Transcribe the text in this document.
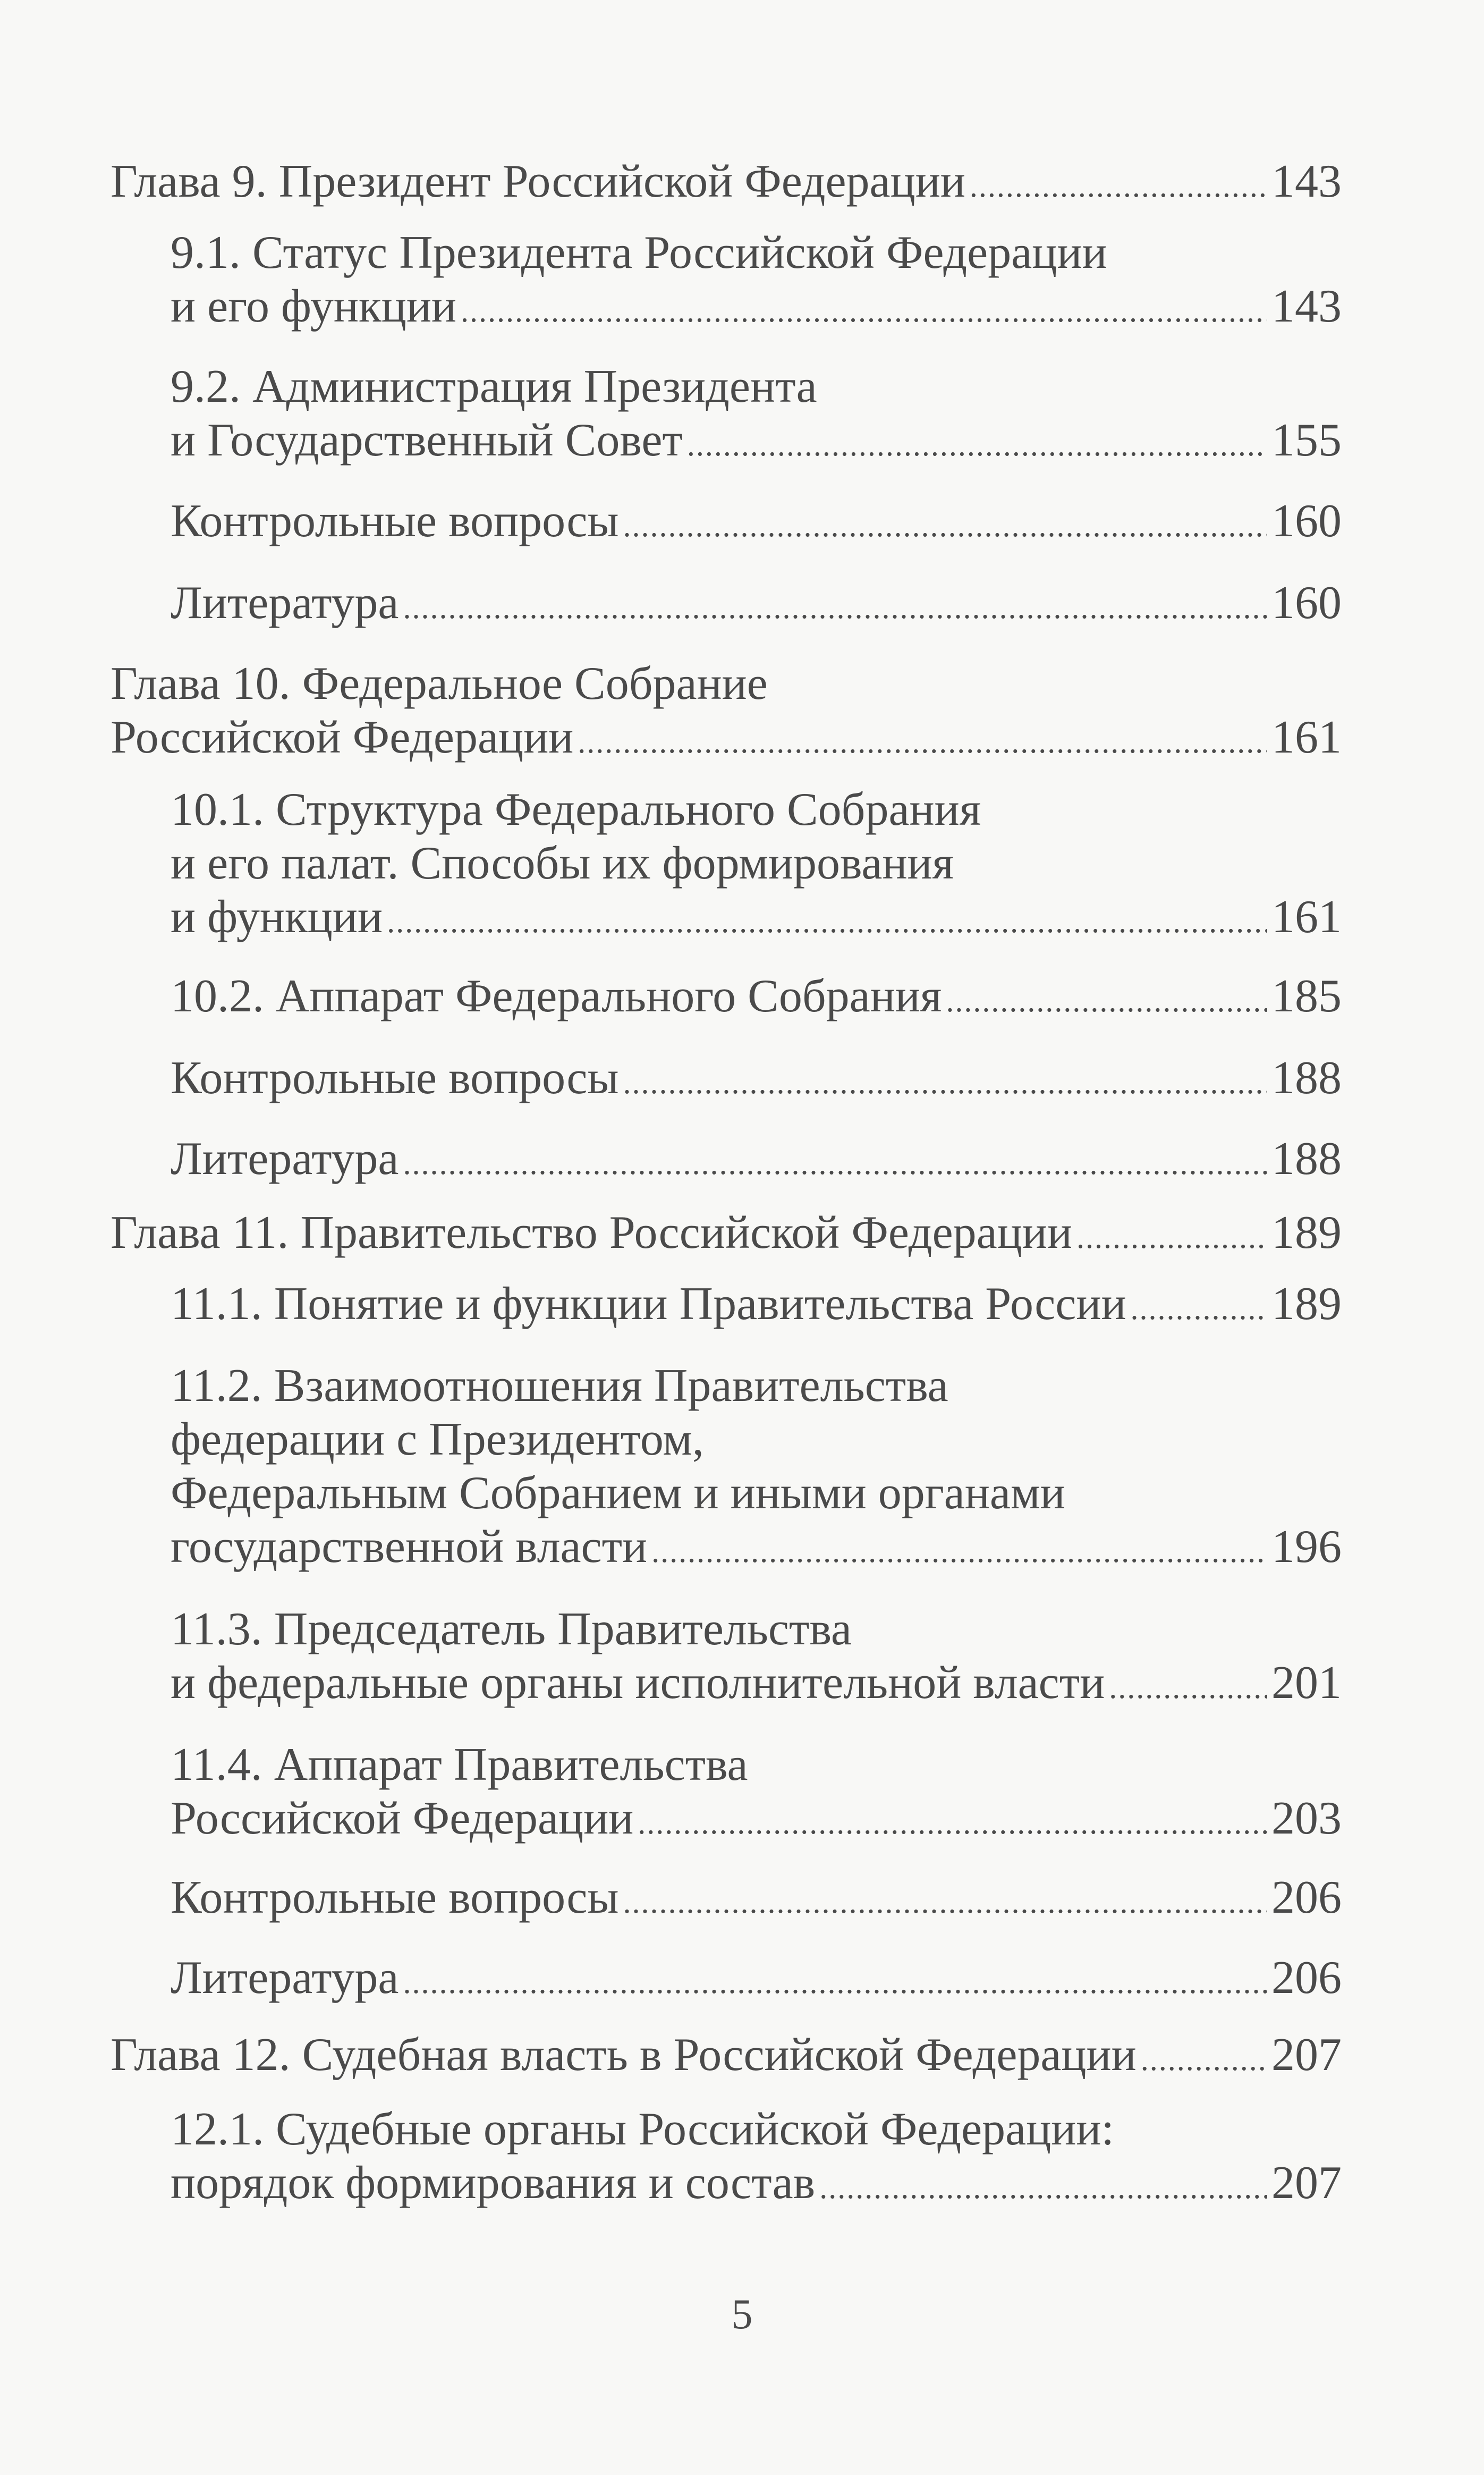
Глава 9. Президент Российской Федерации .....	143
9.1. Статус Президента Российской Федерации
и его функции .....	143
9.2. Администрация Президента
и Государственный Совет .....	155
Контрольные вопросы .....	160
Литература .....	160
Глава 10. Федеральное Собрание
Российской Федерации .....	161
10.1. Структура Федерального Собрания
и его палат. Способы их формирования
и функции .....	161
10.2. Аппарат Федерального Собрания .....	185
Контрольные вопросы .....	188
Литература .....	188
Глава 11. Правительство Российской Федерации .....	189
11.1. Понятие и функции Правительства России .....	189
11.2. Взаимоотношения Правительства
федерации с Президентом,
Федеральным Собранием и иными органами
государственной власти .....	196
11.3. Председатель Правительства
и федеральные органы исполнительной власти .....	201
11.4. Аппарат Правительства
Российской Федерации .....	203
Контрольные вопросы .....	206
Литература .....	206
Глава 12. Судебная власть в Российской Федерации .....	207
12.1. Судебные органы Российской Федерации:
порядок формирования и состав .....	207
5
